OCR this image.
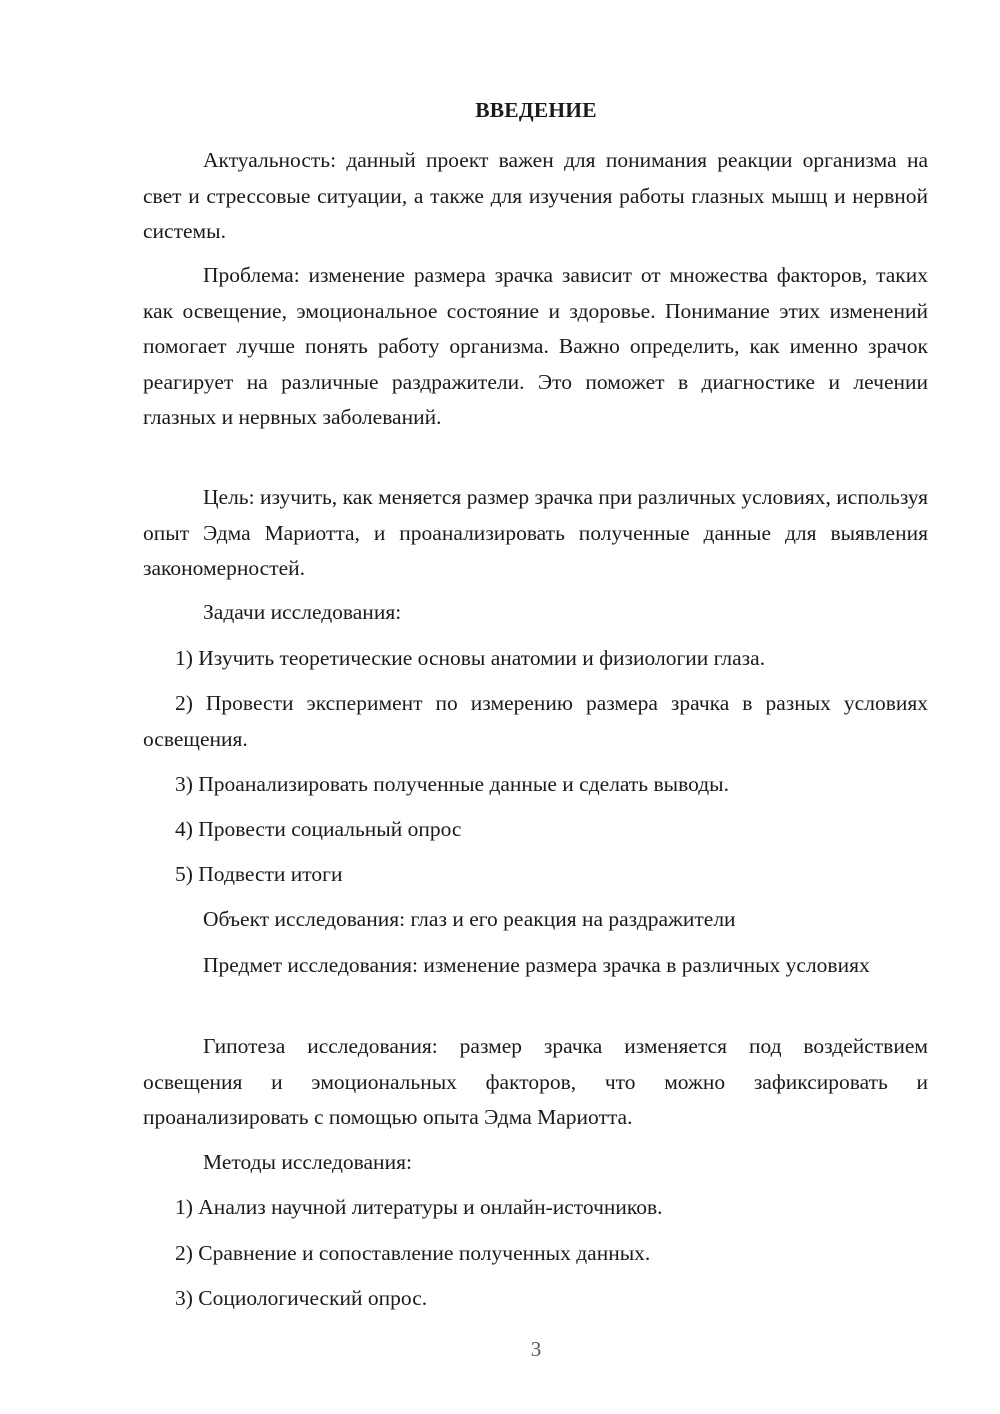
ВВЕДЕНИЕ

Актуальность: данный проект важен для понимания реакции организма на свет и стрессовые ситуации, а также для изучения работы глазных мышц и нервной системы.

Проблема: изменение размера зрачка зависит от множества факторов, таких как освещение, эмоциональное состояние и здоровье. Понимание этих изменений помогает лучше понять работу организма. Важно определить, как именно зрачок реагирует на различные раздражители. Это поможет в диагностике и лечении глазных и нервных заболеваний.

Цель: изучить, как меняется размер зрачка при различных условиях, используя опыт Эдма Мариотта, и проанализировать полученные данные для выявления закономерностей.

Задачи исследования:

1) Изучить теоретические основы анатомии и физиологии глаза.

2) Провести эксперимент по измерению размера зрачка в разных условиях освещения.

3) Проанализировать полученные данные и сделать выводы.

4) Провести социальный опрос

5) Подвести итоги

Объект исследования: глаз и его реакция на раздражители

Предмет исследования: изменение размера зрачка в различных условиях

Гипотеза исследования: размер зрачка изменяется под воздействием освещения и эмоциональных факторов, что можно зафиксировать и проанализировать с помощью опыта Эдма Мариотта.

Методы исследования:

1) Анализ научной литературы и онлайн-источников.

2) Сравнение и сопоставление полученных данных.

3) Социологический опрос.

3
